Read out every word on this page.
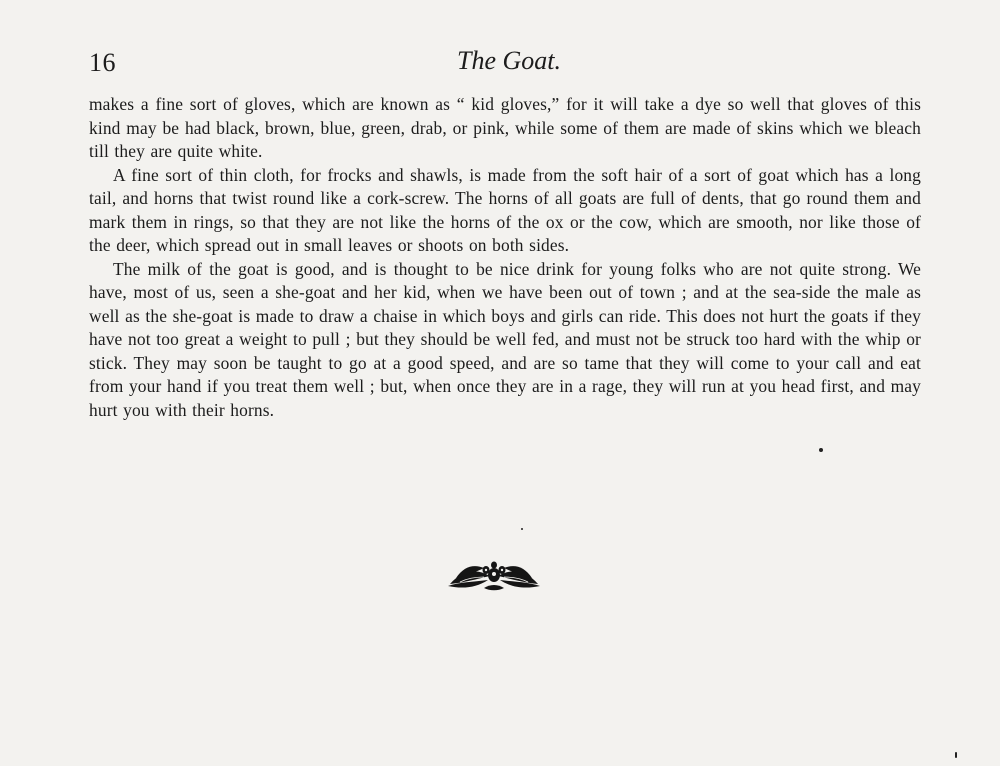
16	The Goat.

makes a fine sort of gloves, which are known as “ kid gloves,” for it will take a dye so well that gloves of this kind may be had black, brown, blue, green, drab, or pink, while some of them are made of skins which we bleach till they are quite white.

A fine sort of thin cloth, for frocks and shawls, is made from the soft hair of a sort of goat which has a long tail, and horns that twist round like a cork-screw. The horns of all goats are full of dents, that go round them and mark them in rings, so that they are not like the horns of the ox or the cow, which are smooth, nor like those of the deer, which spread out in small leaves or shoots on both sides.

The milk of the goat is good, and is thought to be nice drink for young folks who are not quite strong. We have, most of us, seen a she-goat and her kid, when we have been out of town ; and at the sea-side the male as well as the she-goat is made to draw a chaise in which boys and girls can ride. This does not hurt the goats if they have not too great a weight to pull ; but they should be well fed, and must not be struck too hard with the whip or stick. They may soon be taught to go at a good speed, and are so tame that they will come to your call and eat from your hand if you treat them well ; but, when once they are in a rage, they will run at you head first, and may hurt you with their horns.
